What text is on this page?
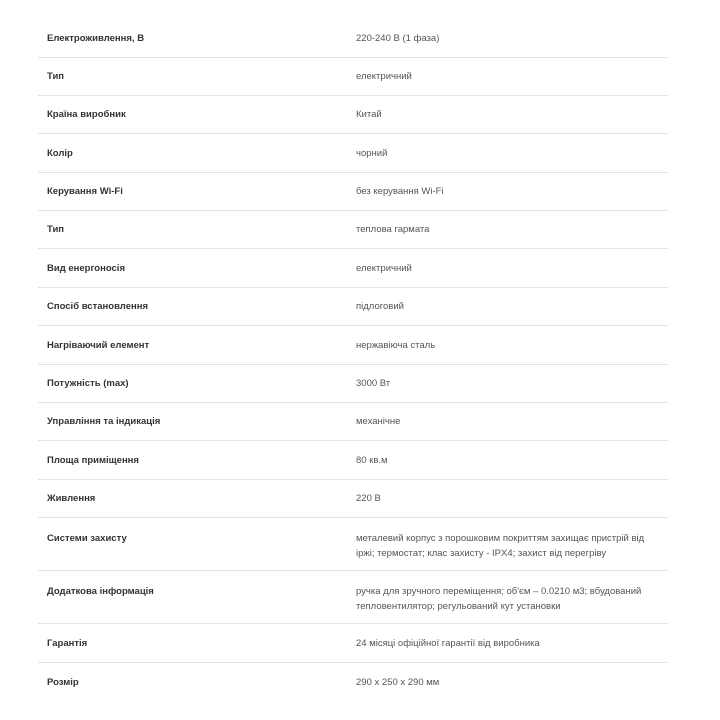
Електроживлення, В	220-240 В (1 фаза)
Тип	електричний
Країна виробник	Китай
Колір	чорний
Керування Wi-Fi	без керування Wi-Fi
Тип	теплова гармата
Вид енергоносія	електричний
Спосіб встановлення	підлоговий
Нагріваючий елемент	нержавіюча сталь
Потужність (max)	3000 Вт
Управління та індикація	механічне
Площа приміщення	80 кв.м
Живлення	220 В
Системи захисту	металевий корпус з порошковим покриттям захищає пристрій від іржі; термостат; клас захисту - IPX4; захист від перегріву
Додаткова інформація	ручка для зручного переміщення; об'єм – 0.0210 м3; вбудований тепловентилятор; регульований кут установки
Гарантія	24 місяці офіційної гарантії від виробника
Розмір	290 x 250 x 290 мм
